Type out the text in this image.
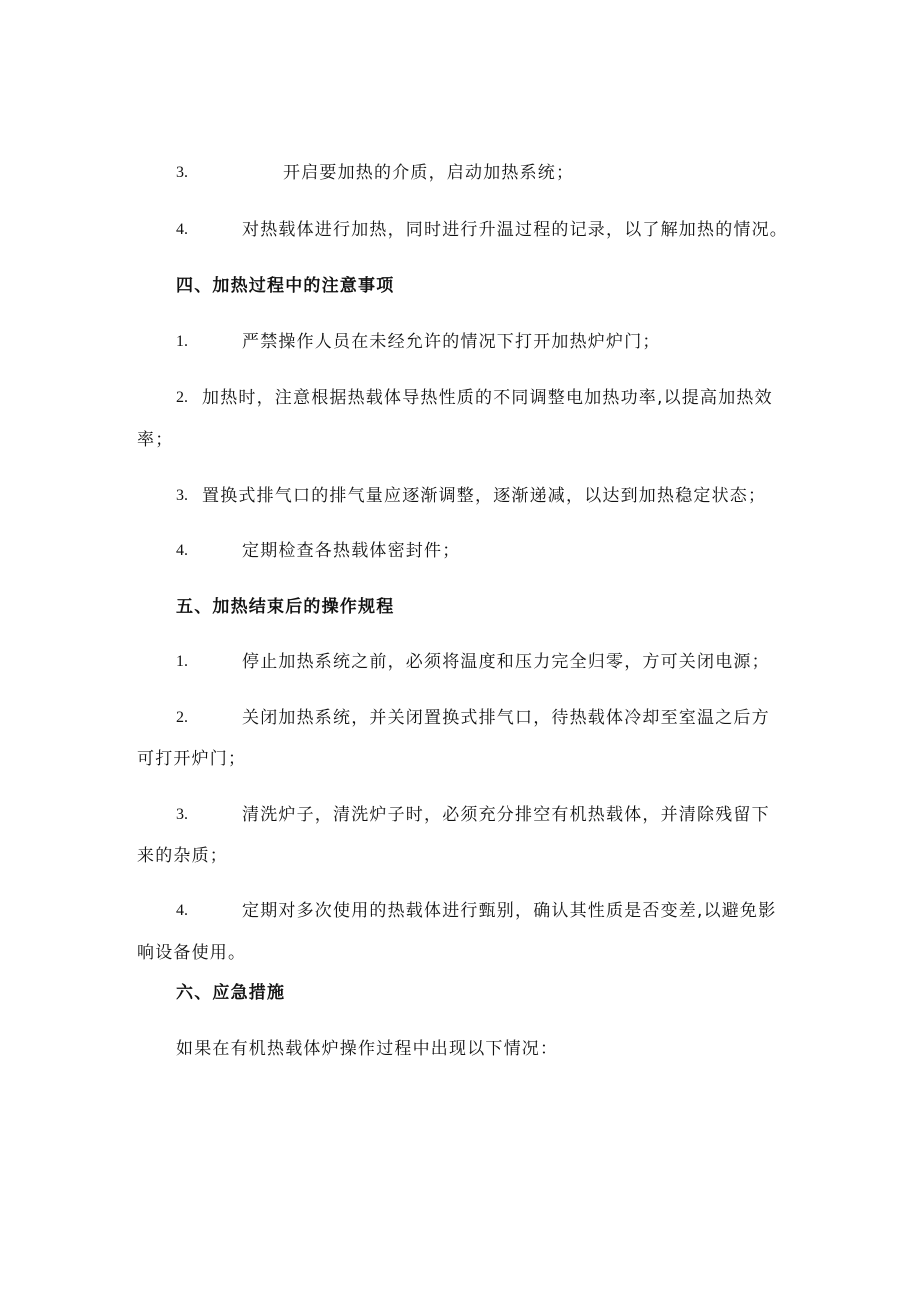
3.	开启要加热的介质，启动加热系统；
4.	对热载体进行加热，同时进行升温过程的记录，以了解加热的情况。
四、加热过程中的注意事项
1.	严禁操作人员在未经允许的情况下打开加热炉炉门；
2. 加热时，注意根据热载体导热性质的不同调整电加热功率,以提高加热效
率；
3. 置换式排气口的排气量应逐渐调整，逐渐递减，以达到加热稳定状态；
4.	定期检查各热载体密封件；
五、加热结束后的操作规程
1.	停止加热系统之前，必须将温度和压力完全归零，方可关闭电源；
2.	关闭加热系统，并关闭置换式排气口，待热载体冷却至室温之后方
可打开炉门；
3.	清洗炉子，清洗炉子时，必须充分排空有机热载体，并清除残留下
来的杂质；
4.	定期对多次使用的热载体进行甄别，确认其性质是否变差,以避免影
响设备使用。
六、应急措施
如果在有机热载体炉操作过程中出现以下情况：
